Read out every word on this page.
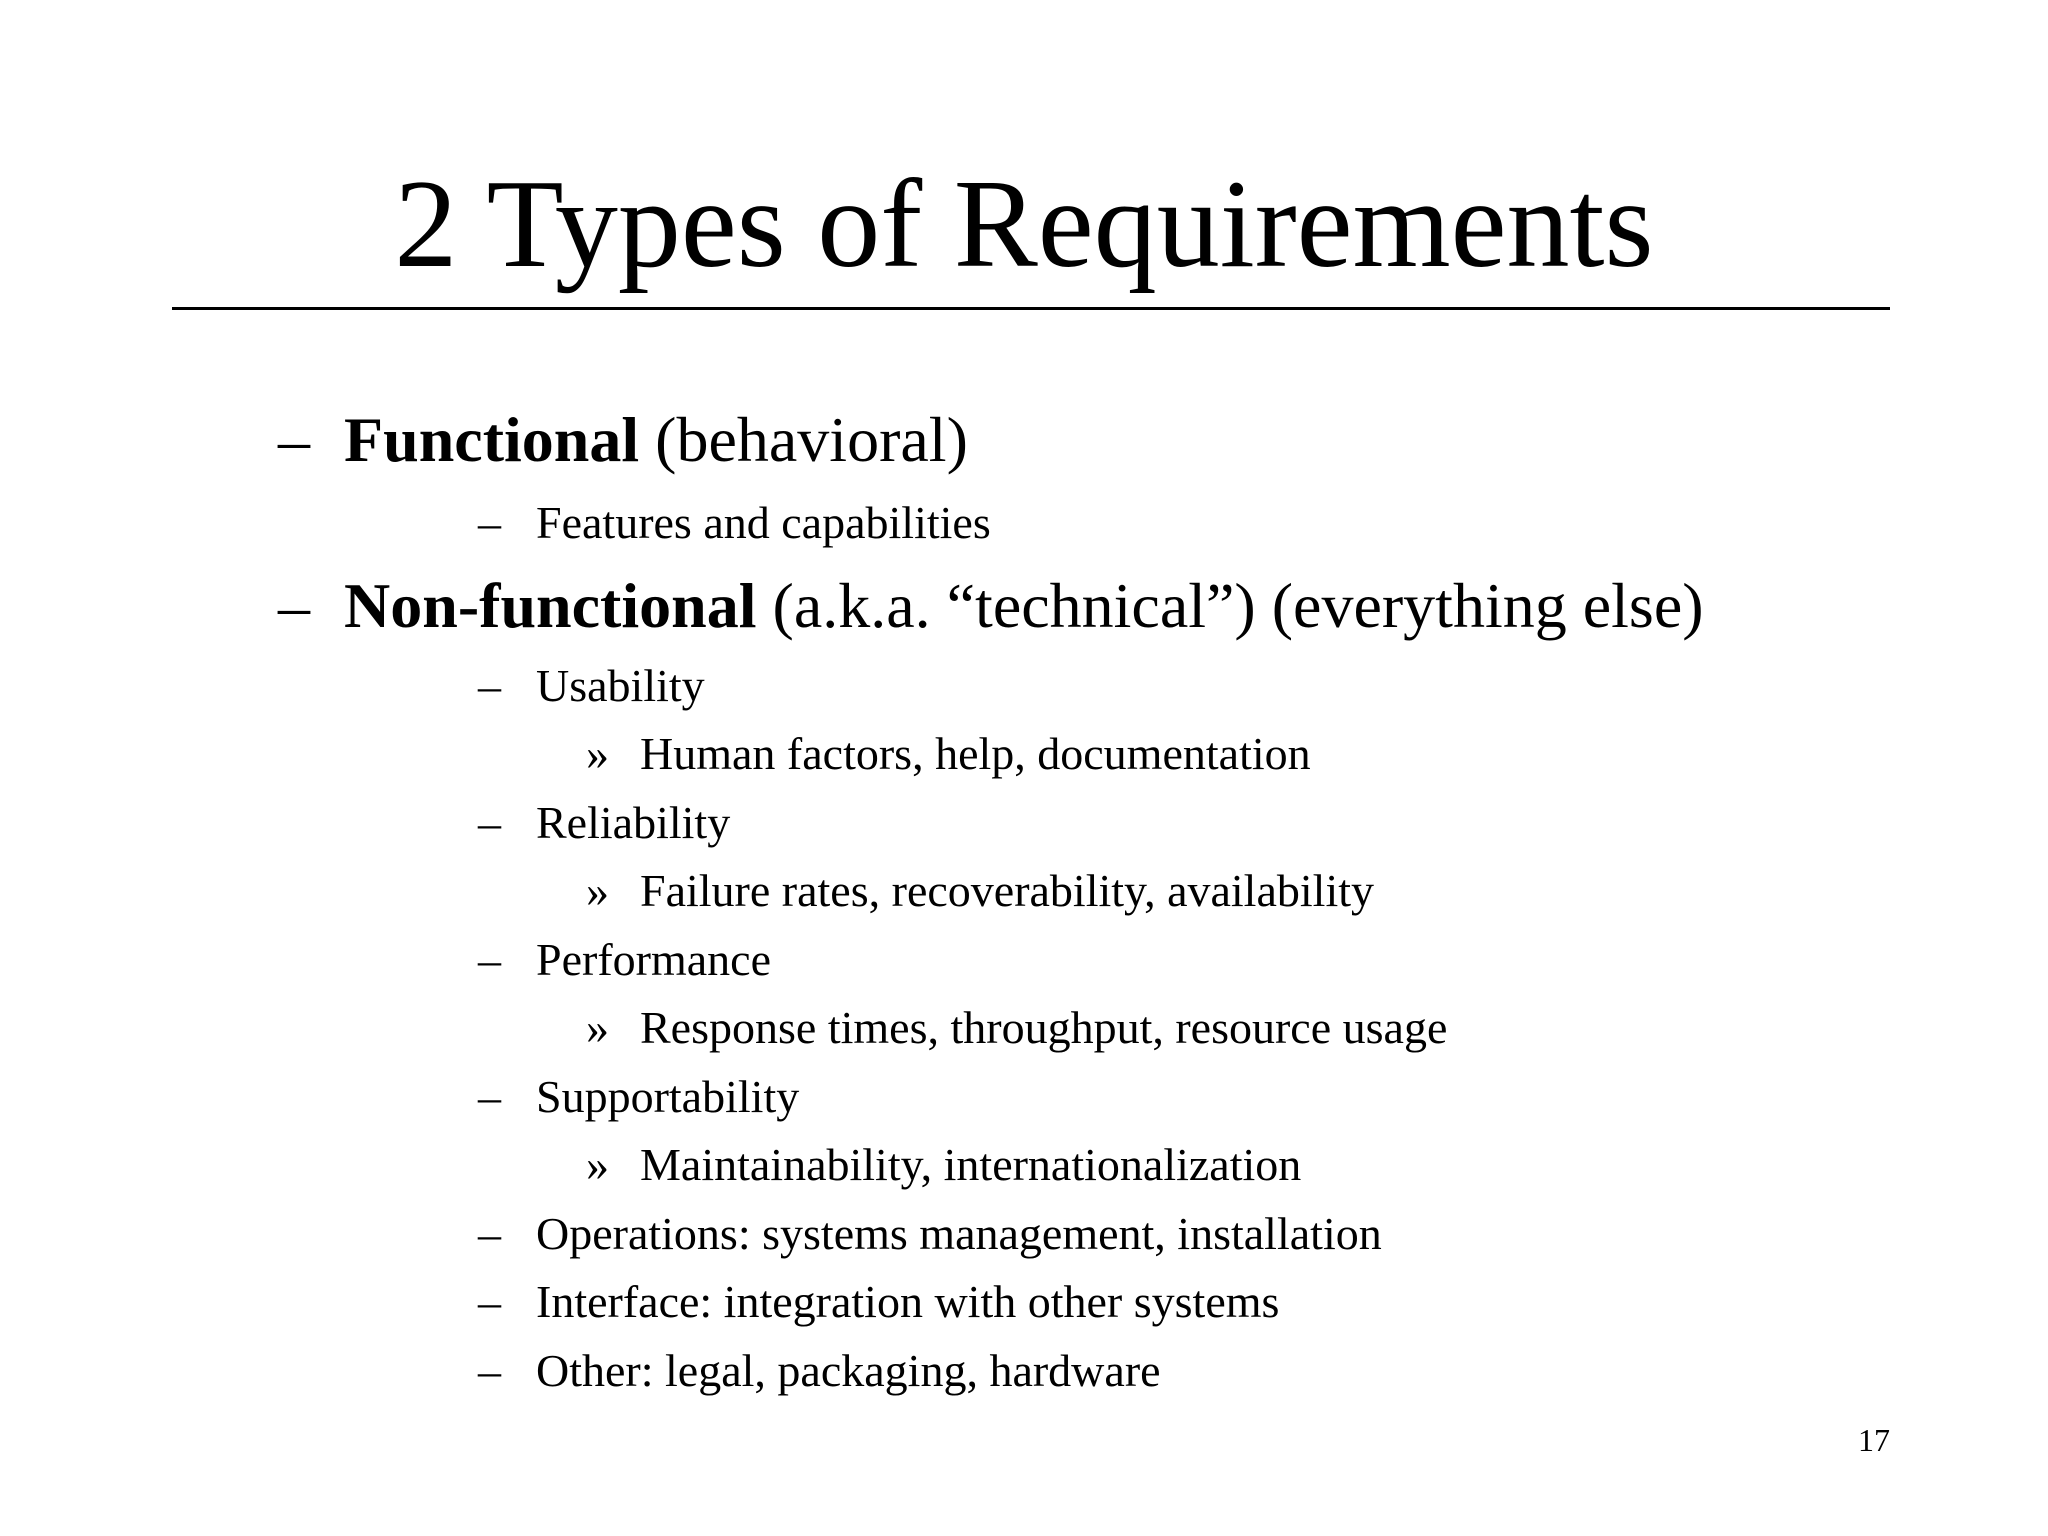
2 Types of Requirements
– Functional (behavioral)
– Features and capabilities
– Non-functional (a.k.a. “technical”) (everything else)
– Usability
» Human factors, help, documentation
– Reliability
» Failure rates, recoverability, availability
– Performance
» Response times, throughput, resource usage
– Supportability
» Maintainability, internationalization
– Operations: systems management, installation
– Interface: integration with other systems
– Other: legal, packaging, hardware
17
